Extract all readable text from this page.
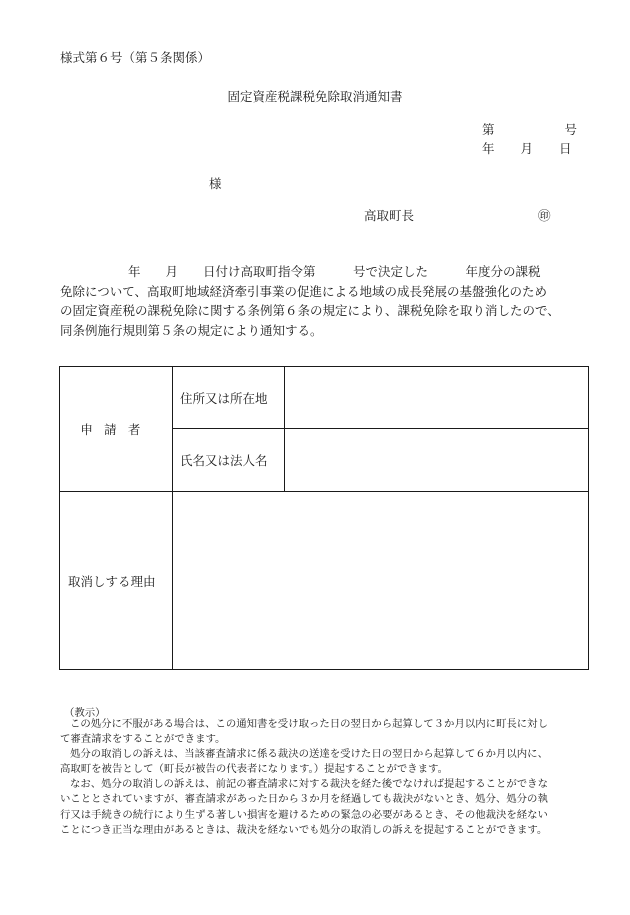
様式第６号（第５条関係）
固定資産税課税免除取消通知書
第	号
年 月 日
様
高取町長	㊞
年　　月　　日付け高取町指令第　　　号で決定した　　　年度分の課税
免除について、高取町地域経済牽引事業の促進による地域の成長発展の基盤強化のため
の固定資産税の課税免除に関する条例第６条の規定により、課税免除を取り消したので、
同条例施行規則第５条の規定により通知する。
申請者	住所又は所在地	
	氏名又は法人名	
取消しする理由		
（教示）
この処分に不服がある場合は、この通知書を受け取った日の翌日から起算して３か月以内に町長に対し
て審査請求をすることができます。
処分の取消しの訴えは、当該審査請求に係る裁決の送達を受けた日の翌日から起算して６か月以内に、
高取町を被告として（町長が被告の代表者になります。）提起することができます。
なお、処分の取消しの訴えは、前記の審査請求に対する裁決を経た後でなければ提起することができな
いこととされていますが、審査請求があった日から３か月を経過しても裁決がないとき、処分、処分の執
行又は手続きの続行により生ずる著しい損害を避けるための緊急の必要があるとき、その他裁決を経ない
ことにつき正当な理由があるときは、裁決を経ないでも処分の取消しの訴えを提起することができます。
